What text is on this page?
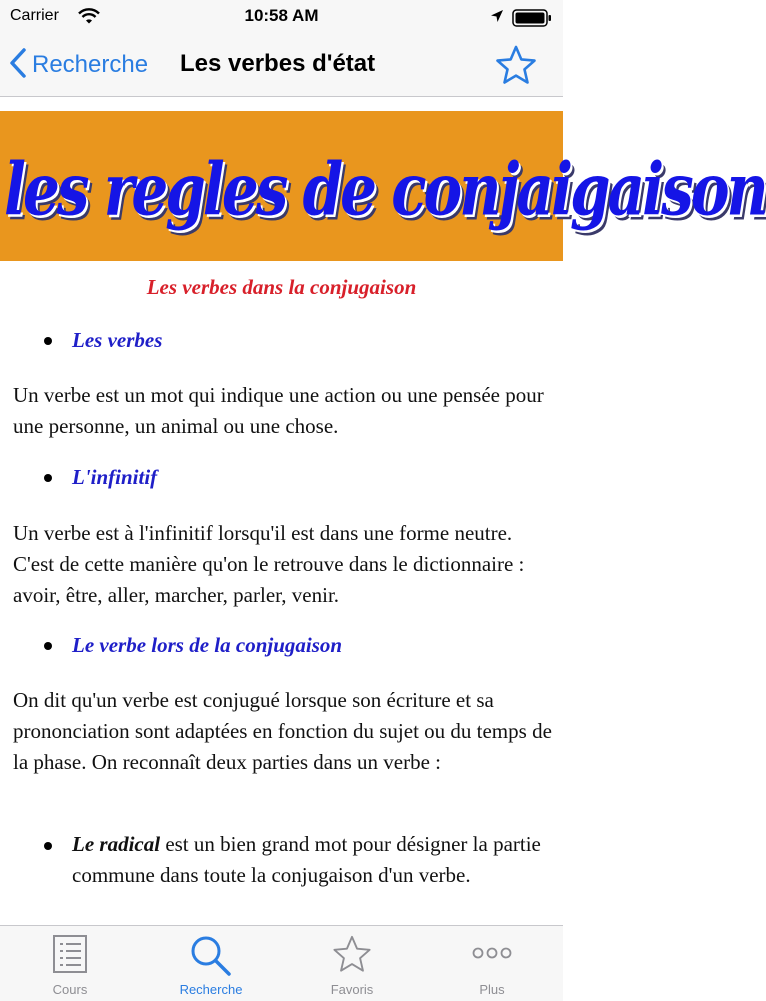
Carrier	10:58 AM
Recherche Les verbes d'état
les regles de conjaigaison
Les verbes dans la conjugaison
Les verbes

Un verbe est un mot qui indique une action ou une pensée pour une personne, un animal ou une chose.

L'infinitif

Un verbe est à l'infinitif lorsqu'il est dans une forme neutre. C'est de cette manière qu'on le retrouve dans le dictionnaire : avoir, être, aller, marcher, parler, venir.

Le verbe lors de la conjugaison

On dit qu'un verbe est conjugué lorsque son écriture et sa prononciation sont adaptées en fonction du sujet ou du temps de la phase. On reconnaît deux parties dans un verbe :

Le radical est un bien grand mot pour désigner la partie commune dans toute la conjugaison d'un verbe.
Cours	Recherche	Favoris	Plus
